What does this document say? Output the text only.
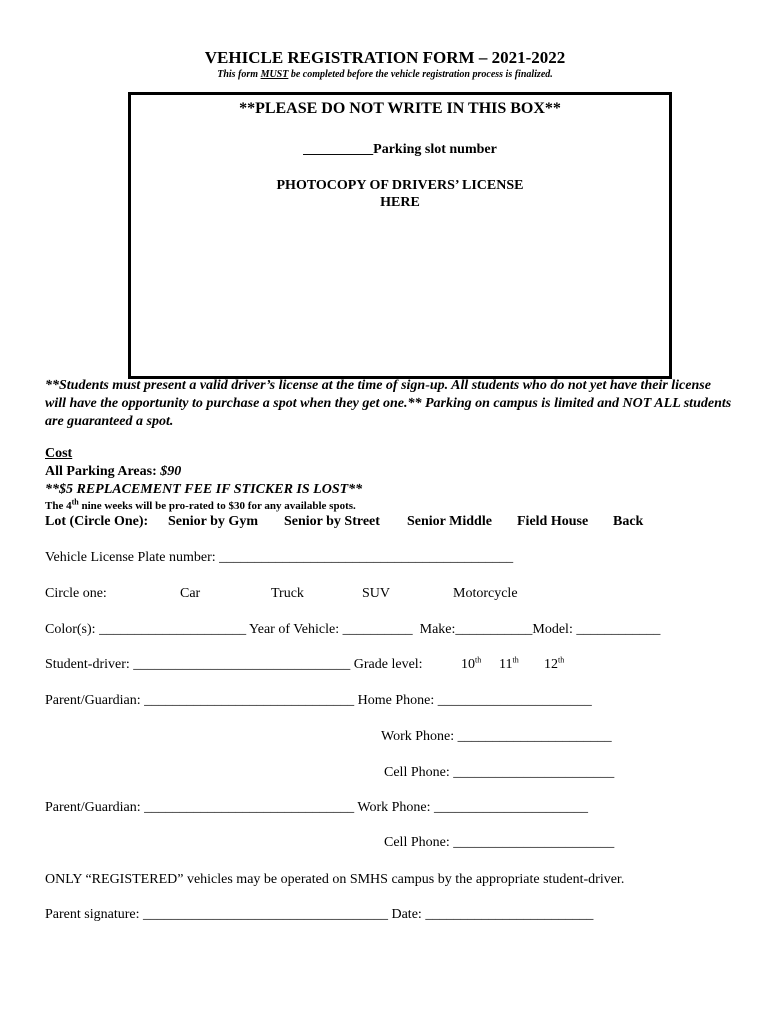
VEHICLE REGISTRATION FORM – 2021-2022
This form MUST be completed before the vehicle registration process is finalized.
**PLEASE DO NOT WRITE IN THIS BOX**
__________Parking slot number
PHOTOCOPY OF DRIVERS’ LICENSE
HERE
**Students must present a valid driver’s license at the time of sign-up. All students who do not yet have their license will have the opportunity to purchase a spot when they get one.** Parking on campus is limited and NOT ALL students are guaranteed a spot.
Cost
All Parking Areas: $90
**$5 REPLACEMENT FEE IF STICKER IS LOST**
The 4th nine weeks will be pro-rated to $30 for any available spots.
Lot (Circle One): Senior by Gym Senior by Street Senior Middle Field House Back
Vehicle License Plate number: __________________________________________
Circle one:	Car	Truck	SUV	Motorcycle
Color(s): _____________________ Year of Vehicle: __________  Make:___________Model: ____________
Student-driver: _______________________________ Grade level:	10th 11th 12th
Parent/Guardian: ______________________________ Home Phone: ______________________
Work Phone: ______________________
Cell Phone: _______________________
Parent/Guardian: ______________________________ Work Phone: ______________________
Cell Phone: _______________________
ONLY “REGISTERED” vehicles may be operated on SMHS campus by the appropriate student-driver.
Parent signature: ___________________________________ Date: ________________________
